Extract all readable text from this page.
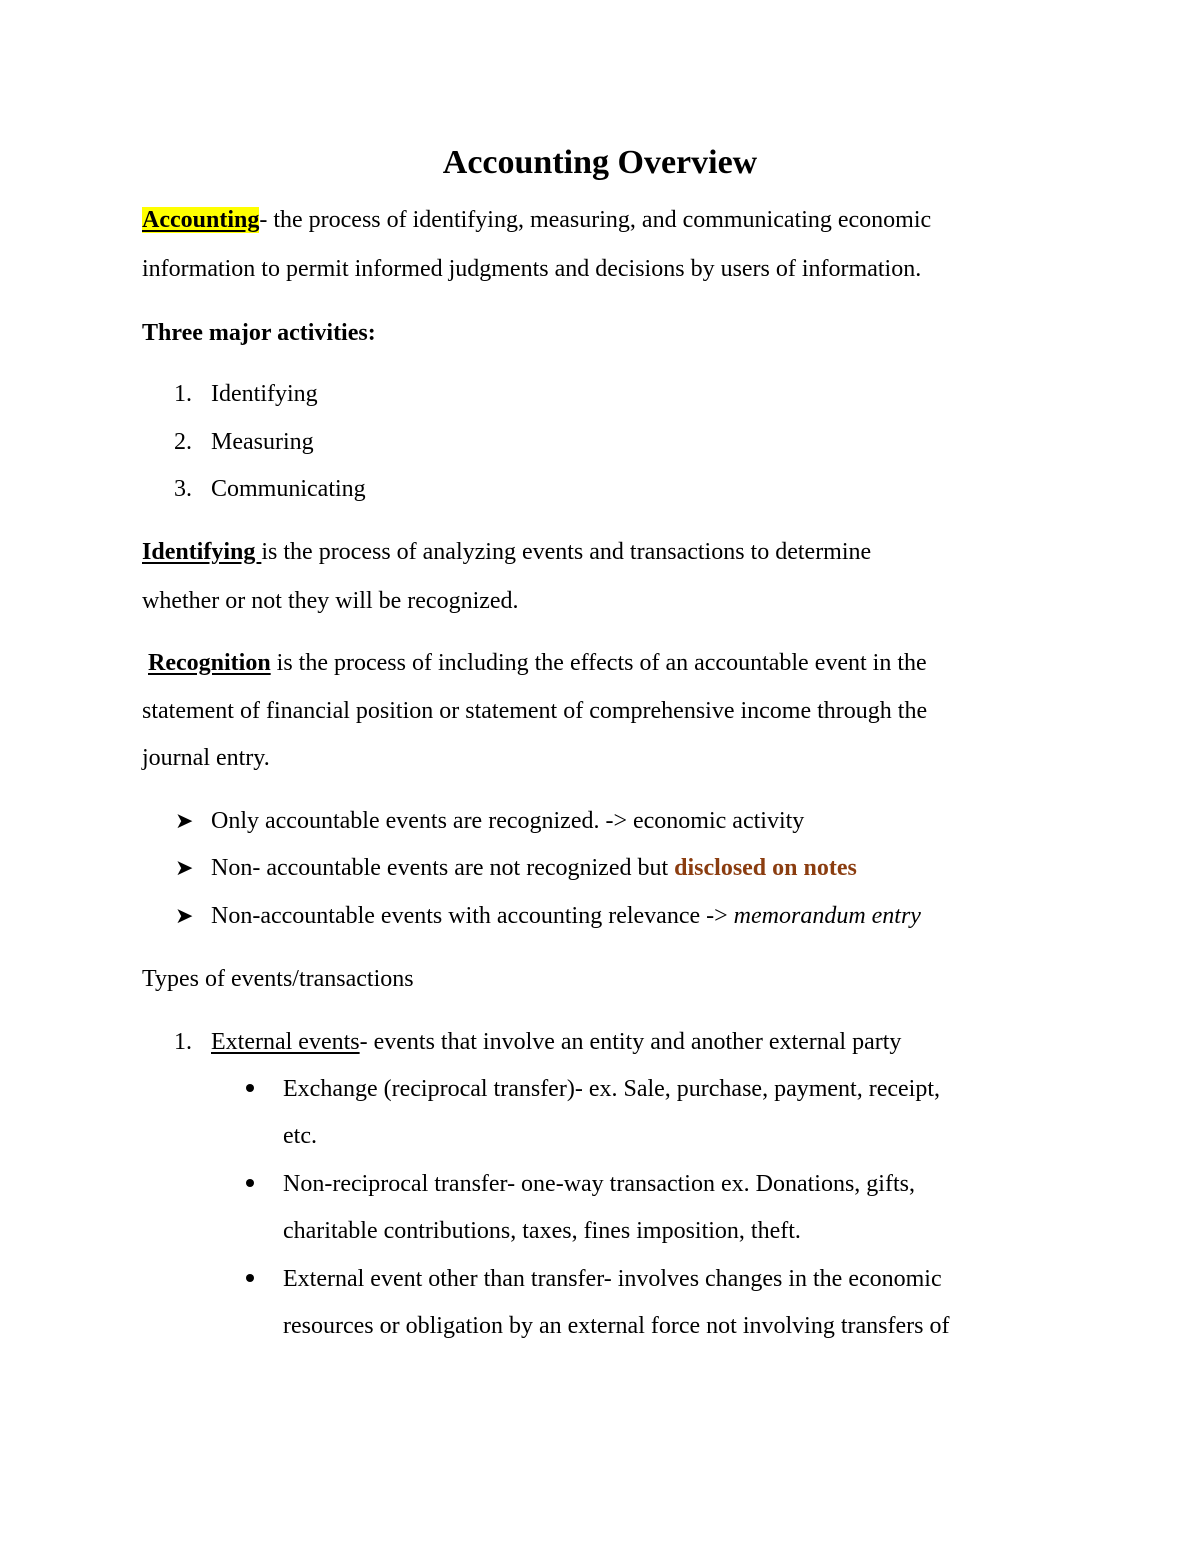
Accounting Overview
Accounting- the process of identifying, measuring, and communicating economic
information to permit informed judgments and decisions by users of information.
Three major activities:
1. Identifying
2. Measuring
3. Communicating
Identifying is the process of analyzing events and transactions to determine
whether or not they will be recognized.
Recognition is the process of including the effects of an accountable event in the
statement of financial position or statement of comprehensive income through the
journal entry.
➤ Only accountable events are recognized. -> economic activity
➤ Non- accountable events are not recognized but disclosed on notes
➤ Non-accountable events with accounting relevance -> memorandum entry
Types of events/transactions
1. External events- events that involve an entity and another external party
Exchange (reciprocal transfer)- ex. Sale, purchase, payment, receipt,
etc.
Non-reciprocal transfer- one-way transaction ex. Donations, gifts,
charitable contributions, taxes, fines imposition, theft.
External event other than transfer- involves changes in the economic
resources or obligation by an external force not involving transfers of
